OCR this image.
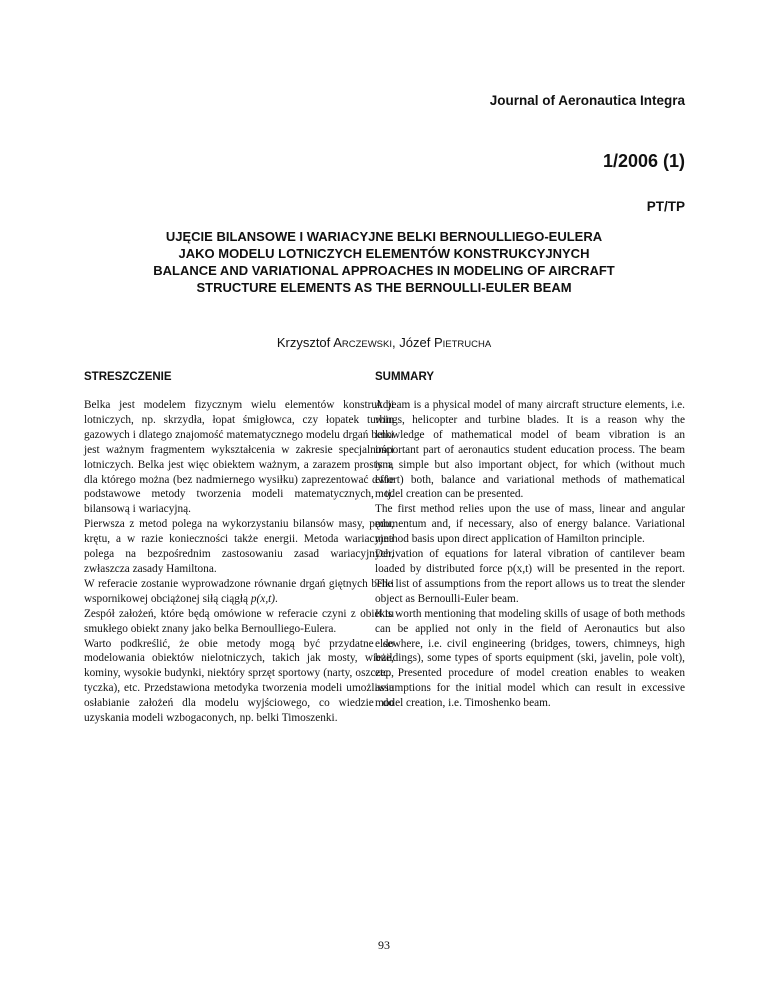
Journal of Aeronautica Integra
1/2006 (1)
PT/TP
UJĘCIE BILANSOWE I WARIACYJNE BELKI BERNOULLIEGO-EULERA
JAKO MODELU LOTNICZYCH ELEMENTÓW KONSTRUKCYJNYCH
BALANCE AND VARIATIONAL APPROACHES IN MODELING OF AIRCRAFT
STRUCTURE ELEMENTS AS THE BERNOULLI-EULER BEAM
Krzysztof ARCZEWSKI, Józef PIETRUCHA
STRESZCZENIE	SUMMARY

Belka jest modelem fizycznym wielu elementów konstrukcji lotniczych, np. skrzydła, łopat śmigłowca, czy łopatek turbin gazowych i dlatego znajomość matematycznego modelu drgań belki jest ważnym fragmentem wykształcenia w zakresie specjalności lotniczych. Belka jest więc obiektem ważnym, a zarazem prostym, dla którego można (bez nadmiernego wysiłku) zaprezentować dwie podstawowe metody tworzenia modeli matematycznych, tj. bilansową i wariacyjną.

Pierwsza z metod polega na wykorzystaniu bilansów masy, pędu, krętu, a w razie konieczności także energii. Metoda wariacyjna polega na bezpośrednim zastosowaniu zasad wariacyjnych, zwłaszcza zasady Hamiltona.

W referacie zostanie wyprowadzone równanie drgań giętnych belki wspornikowej obciążonej siłą ciągłą p(x,t).

Zespół założeń, które będą omówione w referacie czyni z obiektu smukłego obiekt znany jako belka Bernoulliego-Eulera.

Warto podkreślić, że obie metody mogą być przydatne do modelowania obiektów nielotniczych, takich jak mosty, wieże, kominy, wysokie budynki, niektóry sprzęt sportowy (narty, oszczep, tyczka), etc. Przedstawiona metodyka tworzenia modeli umożliwia osłabianie założeń dla modelu wyjściowego, co wiedzie do uzyskania modeli wzbogaconych, np. belki Timoszenki.

A beam is a physical model of many aircraft structure elements, i.e. wings, helicopter and turbine blades. It is a reason why the knowledge of mathematical model of beam vibration is an important part of aeronautics student education process. The beam is a simple but also important object, for which (without much effort) both, balance and variational methods of mathematical model creation can be presented.

The first method relies upon the use of mass, linear and angular momentum and, if necessary, also of energy balance. Variational method basis upon direct application of Hamilton principle.

Derivation of equations for lateral vibration of cantilever beam loaded by distributed force p(x,t) will be presented in the report. The list of assumptions from the report allows us to treat the slender object as Bernoulli-Euler beam.

It is worth mentioning that modeling skills of usage of both methods can be applied not only in the field of Aeronautics but also elsewhere, i.e. civil engineering (bridges, towers, chimneys, high buildings), some types of sports equipment (ski, javelin, pole volt), etc. Presented procedure of model creation enables to weaken assumptions for the initial model which can result in excessive model creation, i.e. Timoshenko beam.

93
